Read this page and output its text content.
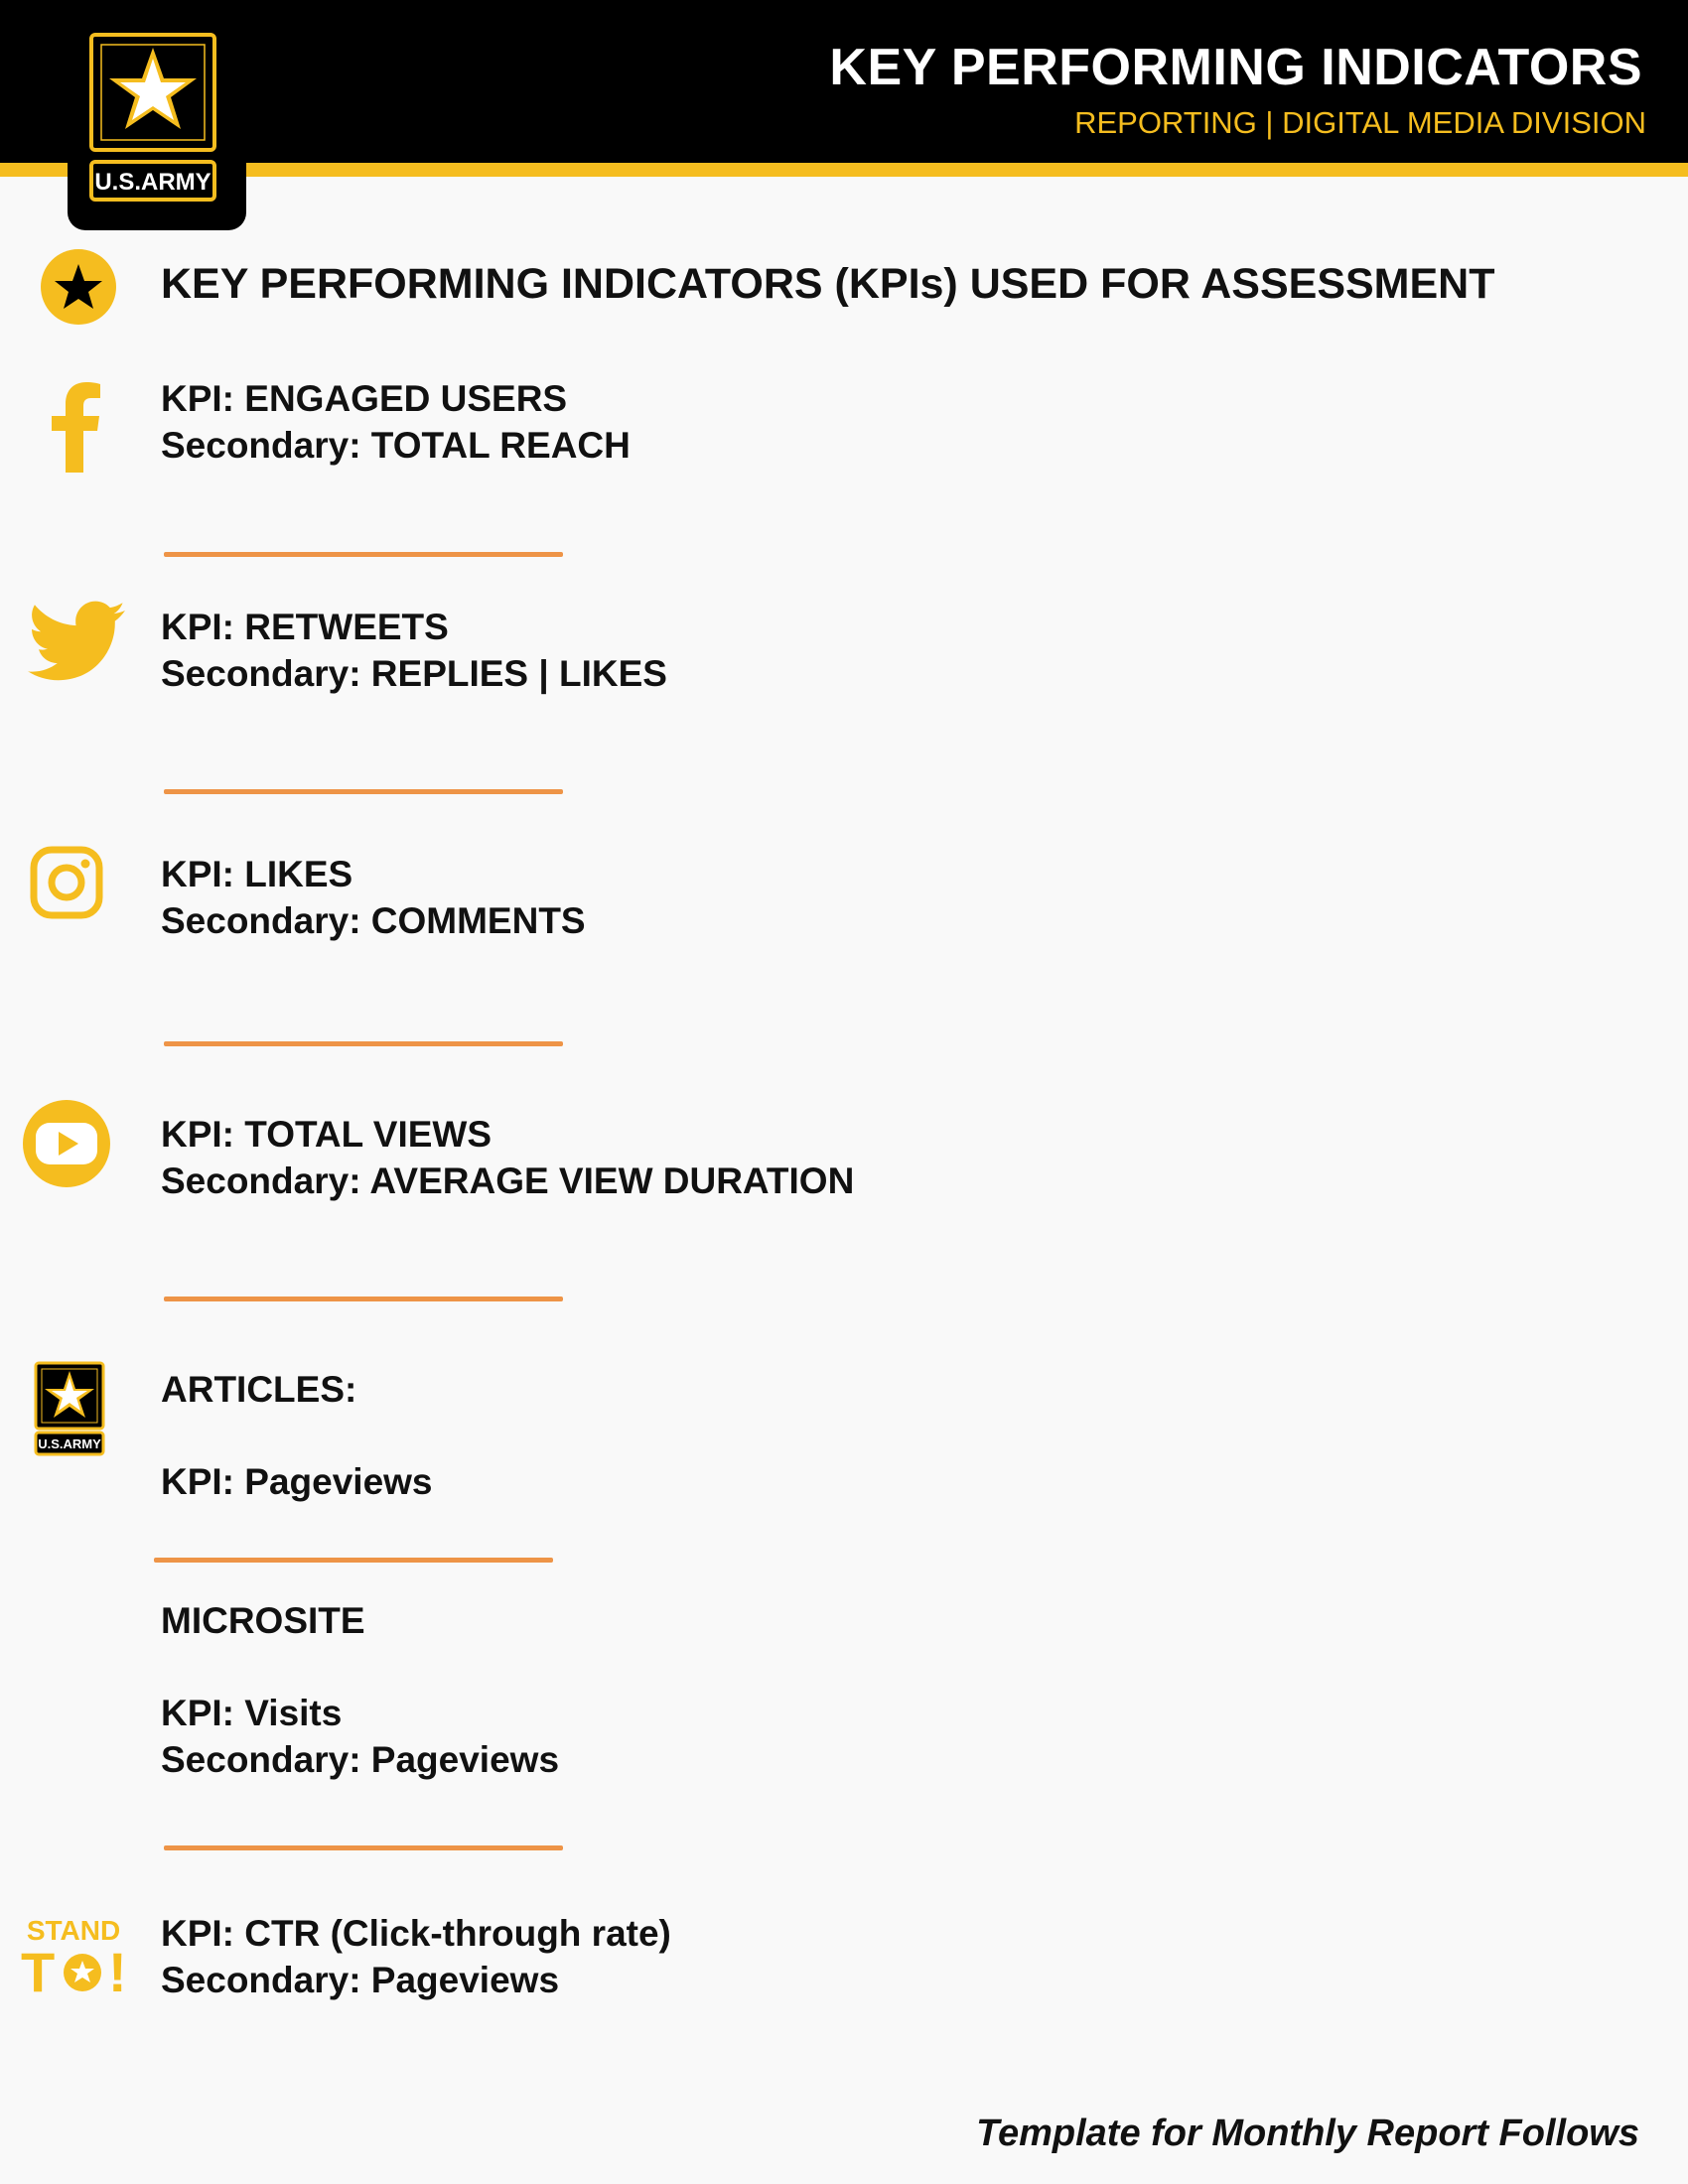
U.S.ARMY
KEY PERFORMING INDICATORS
REPORTING | DIGITAL MEDIA DIVISION
KEY PERFORMING INDICATORS (KPIs) USED FOR ASSESSMENT
KPI: ENGAGED USERS
Secondary: TOTAL REACH
KPI: RETWEETS
Secondary: REPLIES | LIKES
KPI: LIKES
Secondary: COMMENTS
KPI: TOTAL VIEWS
Secondary: AVERAGE VIEW DURATION
U.S.ARMY
ARTICLES:
KPI: Pageviews
MICROSITE
KPI: Visits
Secondary: Pageviews
STAND
T !
KPI: CTR (Click-through rate)
Secondary: Pageviews
Template for Monthly Report Follows
